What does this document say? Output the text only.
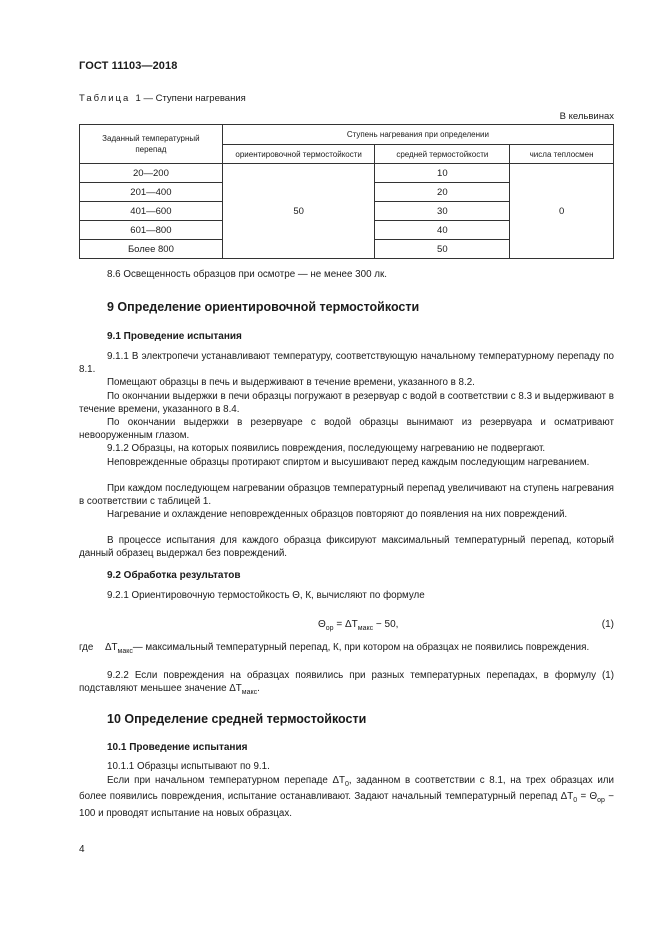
ГОСТ 11103—2018
Таблица 1 — Ступени нагревания
В кельвинах
Заданный температурный перепад	Ступень нагревания при определении		
	ориентировочной термостойкости	средней термостойкости	числа теплосмен
20—200	50	10	0
201—400		20	
401—600		30	
601—800		40	
Более 800		50	
8.6 Освещенность образцов при осмотре — не менее 300 лк.
9 Определение ориентировочной термостойкости
9.1 Проведение испытания
9.1.1 В электропечи устанавливают температуру, соответствующую начальному температурному перепаду по 8.1.
Помещают образцы в печь и выдерживают в течение времени, указанного в 8.2.
По окончании выдержки в печи образцы погружают в резервуар с водой в соответствии с 8.3 и выдерживают в течение времени, указанного в 8.4.
По окончании выдержки в резервуаре с водой образцы вынимают из резервуара и осматривают невооруженным глазом.
9.1.2 Образцы, на которых появились повреждения, последующему нагреванию не подвергают.
Неповрежденные образцы протирают спиртом и высушивают перед каждым последующим нагреванием.
При каждом последующем нагревании образцов температурный перепад увеличивают на ступень нагревания в соответствии с таблицей 1.
Нагревание и охлаждение неповрежденных образцов повторяют до появления на них повреждений.
В процессе испытания для каждого образца фиксируют максимальный температурный перепад, который данный образец выдержал без повреждений.
9.2 Обработка результатов
9.2.1 Ориентировочную термостойкость Θ, К, вычисляют по формуле
$\Theta_{ор} = \Delta T_{макс} - 50$,	(1)
где $\Delta T_{макс}—$ максимальный температурный перепад, К, при котором на образцах не появились повреждения.
9.2.2 Если повреждения на образцах появились при разных температурных перепадах, в формулу (1) подставляют меньшее значение $\Delta T_{макс}$.
10 Определение средней термостойкости
10.1 Проведение испытания
10.1.1 Образцы испытывают по 9.1.
Если при начальном температурном перепаде $\Delta T_0$, заданном в соответствии с 8.1, на трех образцах или более появились повреждения, испытание останавливают. Задают начальный температурный перепад $\Delta T_0 = \Theta_{ор} - 100$ и проводят испытание на новых образцах.
4
